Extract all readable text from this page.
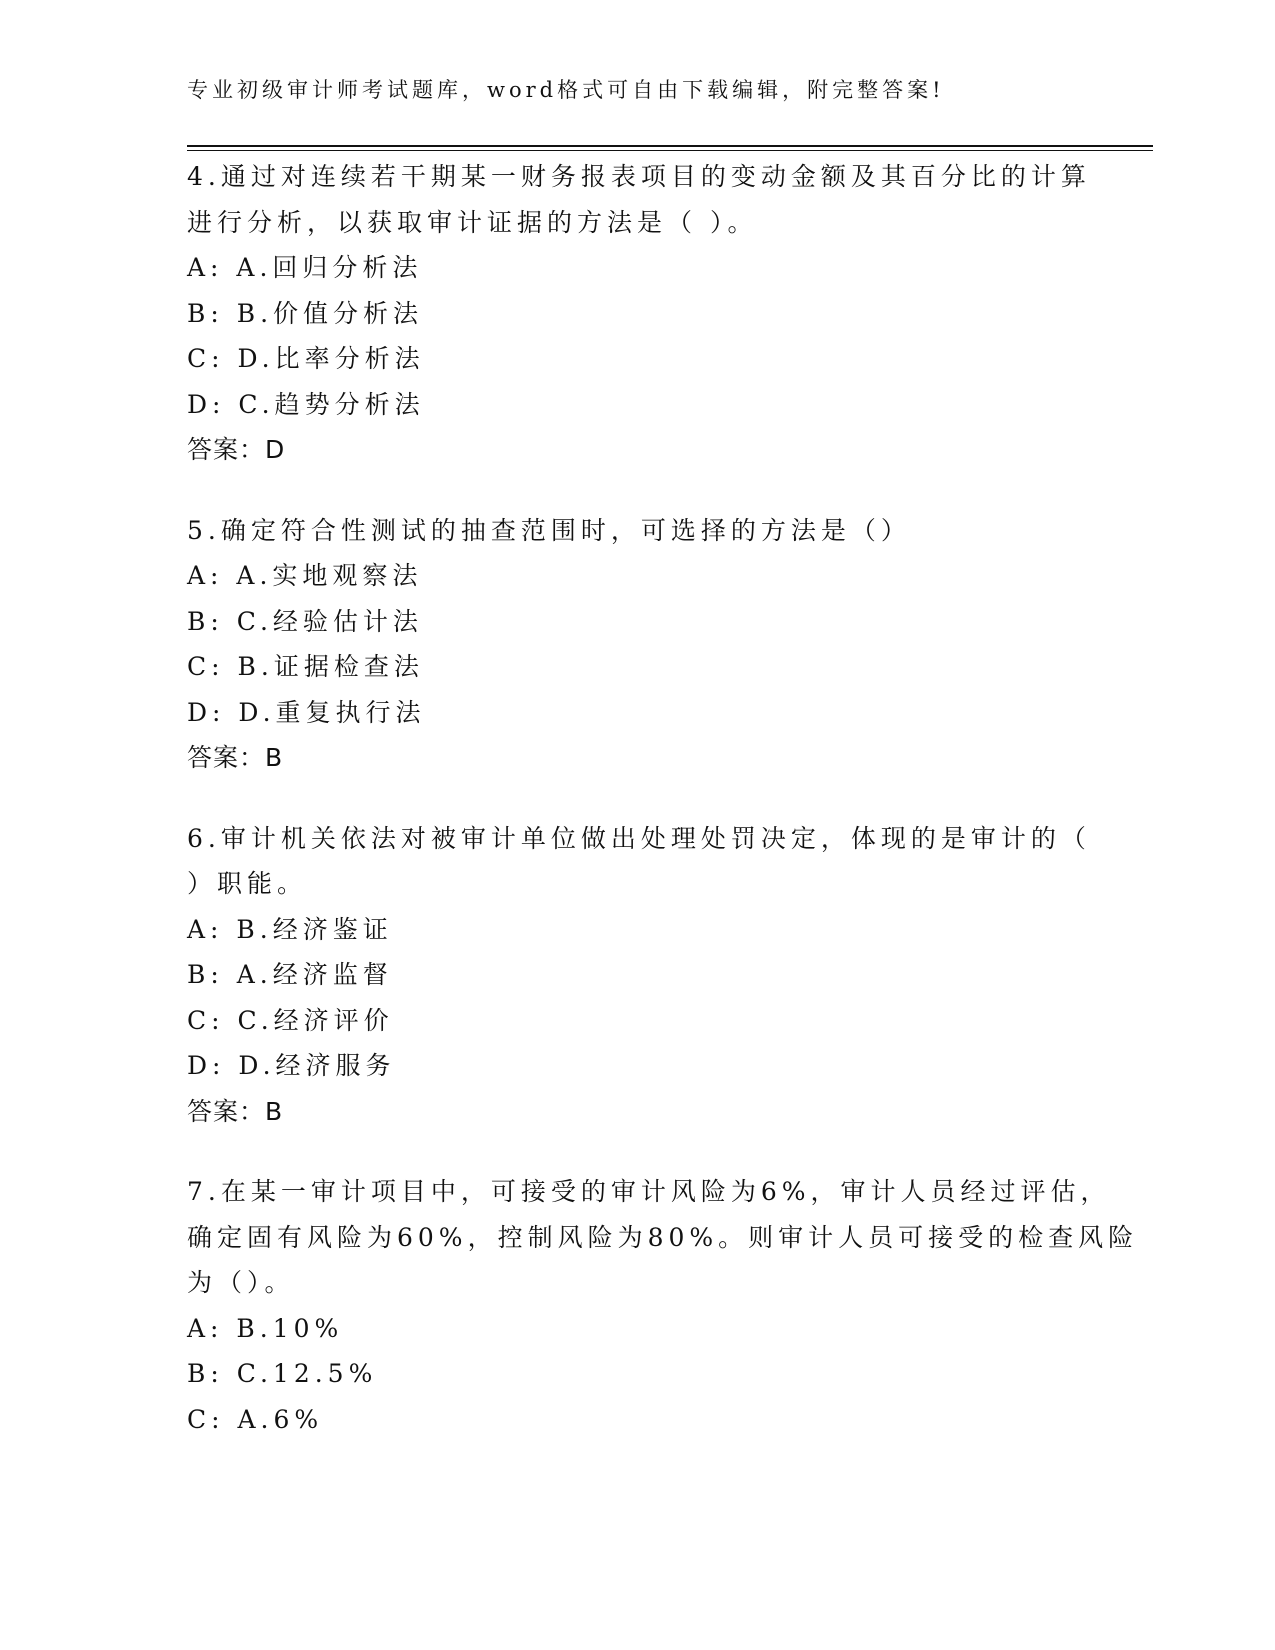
专业初级审计师考试题库，word格式可自由下载编辑，附完整答案!
4.通过对连续若干期某一财务报表项目的变动金额及其百分比的计算
进行分析，以获取审计证据的方法是（ ）。
A: A.回归分析法
B: B.价值分析法
C: D.比率分析法
D: C.趋势分析法
答案：D
5.确定符合性测试的抽查范围时，可选择的方法是（）
A: A.实地观察法
B: C.经验估计法
C: B.证据检查法
D: D.重复执行法
答案：B
6.审计机关依法对被审计单位做出处理处罚决定，体现的是审计的（
）职能。
A: B.经济鉴证
B: A.经济监督
C: C.经济评价
D: D.经济服务
答案：B
7.在某一审计项目中，可接受的审计风险为6%，审计人员经过评估，
确定固有风险为60%，控制风险为80%。则审计人员可接受的检查风险
为（）。
A: B.10%
B: C.12.5%
C: A.6%
